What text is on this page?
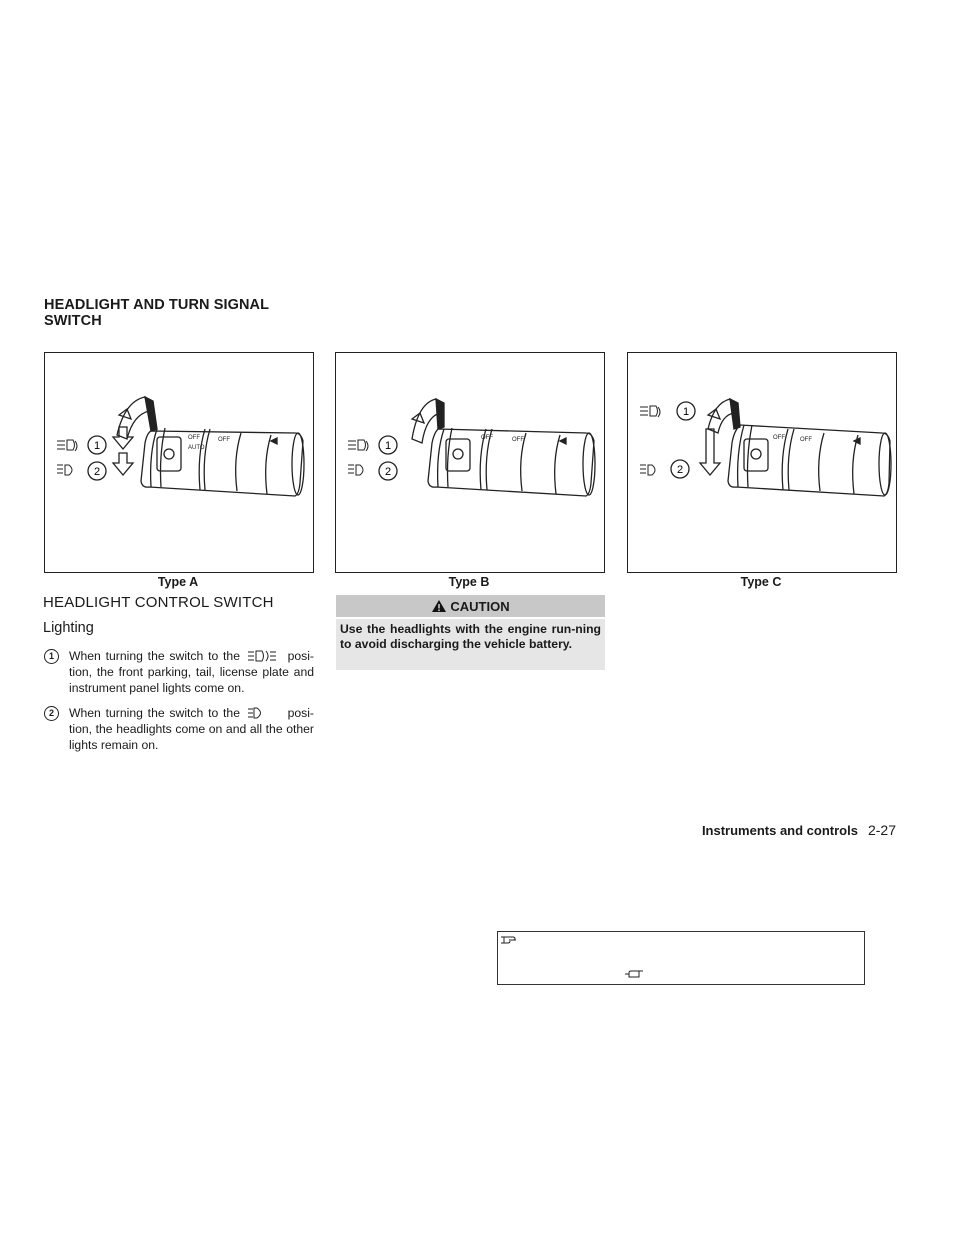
HEADLIGHT AND TURN SIGNAL SWITCH
OFF
AUTO
OFF
1
2
Type A
OFF	OFF
1
2
Type B
OFF	OFF
1
2
Type C
HEADLIGHT CONTROL SWITCH
Lighting
1	When turning the switch to the	posi-tion, the front parking, tail, license plate and instrument panel lights come on.
2	When turning the switch to the	posi-tion, the headlights come on and all the other lights remain on.
CAUTION
Use the headlights with the engine run-ning to avoid discharging the vehicle battery.
Instruments and controls 2-27
